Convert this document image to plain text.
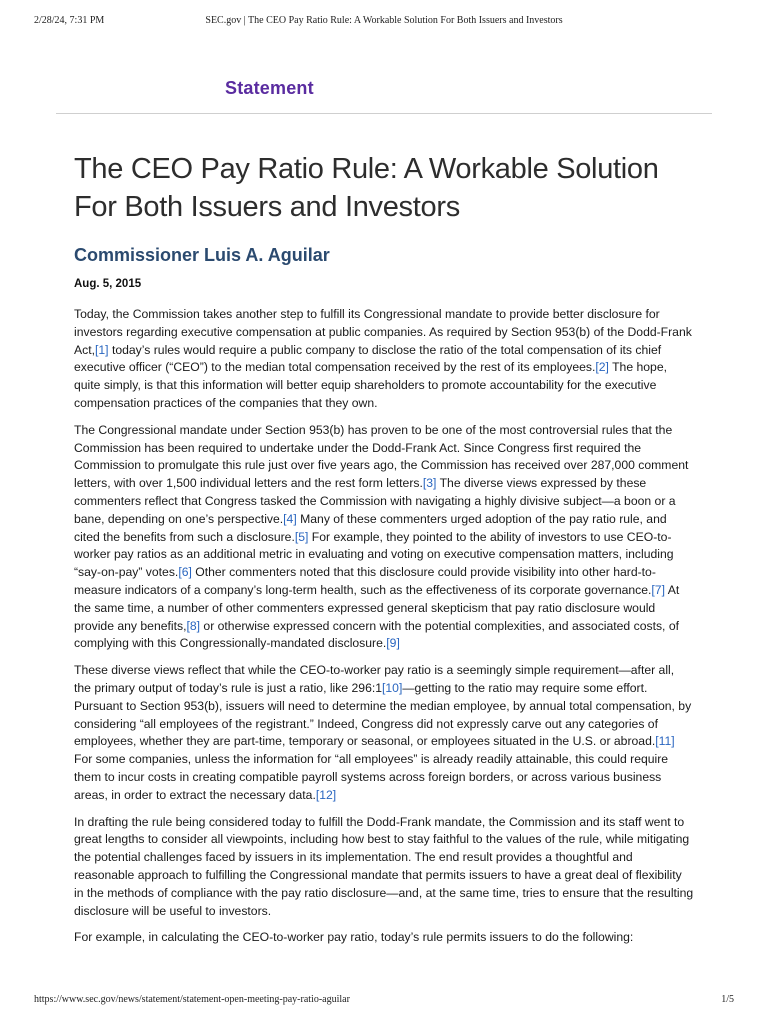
2/28/24, 7:31 PM	SEC.gov | The CEO Pay Ratio Rule: A Workable Solution For Both Issuers and Investors
Statement
The CEO Pay Ratio Rule: A Workable Solution For Both Issuers and Investors
Commissioner Luis A. Aguilar
Aug. 5, 2015

Today, the Commission takes another step to fulfill its Congressional mandate to provide better disclosure for investors regarding executive compensation at public companies. As required by Section 953(b) of the Dodd-Frank Act,[1] today’s rules would require a public company to disclose the ratio of the total compensation of its chief executive officer (“CEO”) to the median total compensation received by the rest of its employees.[2] The hope, quite simply, is that this information will better equip shareholders to promote accountability for the executive compensation practices of the companies that they own.

The Congressional mandate under Section 953(b) has proven to be one of the most controversial rules that the Commission has been required to undertake under the Dodd-Frank Act. Since Congress first required the Commission to promulgate this rule just over five years ago, the Commission has received over 287,000 comment letters, with over 1,500 individual letters and the rest form letters.[3] The diverse views expressed by these commenters reflect that Congress tasked the Commission with navigating a highly divisive subject—a boon or a bane, depending on one’s perspective.[4] Many of these commenters urged adoption of the pay ratio rule, and cited the benefits from such a disclosure.[5] For example, they pointed to the ability of investors to use CEO-to-worker pay ratios as an additional metric in evaluating and voting on executive compensation matters, including “say-on-pay” votes.[6] Other commenters noted that this disclosure could provide visibility into other hard-to-measure indicators of a company’s long-term health, such as the effectiveness of its corporate governance.[7] At the same time, a number of other commenters expressed general skepticism that pay ratio disclosure would provide any benefits,[8] or otherwise expressed concern with the potential complexities, and associated costs, of complying with this Congressionally-mandated disclosure.[9]

These diverse views reflect that while the CEO-to-worker pay ratio is a seemingly simple requirement—after all, the primary output of today’s rule is just a ratio, like 296:1[10]—getting to the ratio may require some effort. Pursuant to Section 953(b), issuers will need to determine the median employee, by annual total compensation, by considering “all employees of the registrant.” Indeed, Congress did not expressly carve out any categories of employees, whether they are part-time, temporary or seasonal, or employees situated in the U.S. or abroad.[11] For some companies, unless the information for “all employees” is already readily attainable, this could require them to incur costs in creating compatible payroll systems across foreign borders, or across various business areas, in order to extract the necessary data.[12]

In drafting the rule being considered today to fulfill the Dodd-Frank mandate, the Commission and its staff went to great lengths to consider all viewpoints, including how best to stay faithful to the values of the rule, while mitigating the potential challenges faced by issuers in its implementation. The end result provides a thoughtful and reasonable approach to fulfilling the Congressional mandate that permits issuers to have a great deal of flexibility in the methods of compliance with the pay ratio disclosure—and, at the same time, tries to ensure that the resulting disclosure will be useful to investors.

For example, in calculating the CEO-to-worker pay ratio, today’s rule permits issuers to do the following:

https://www.sec.gov/news/statement/statement-open-meeting-pay-ratio-aguilar	1/5
